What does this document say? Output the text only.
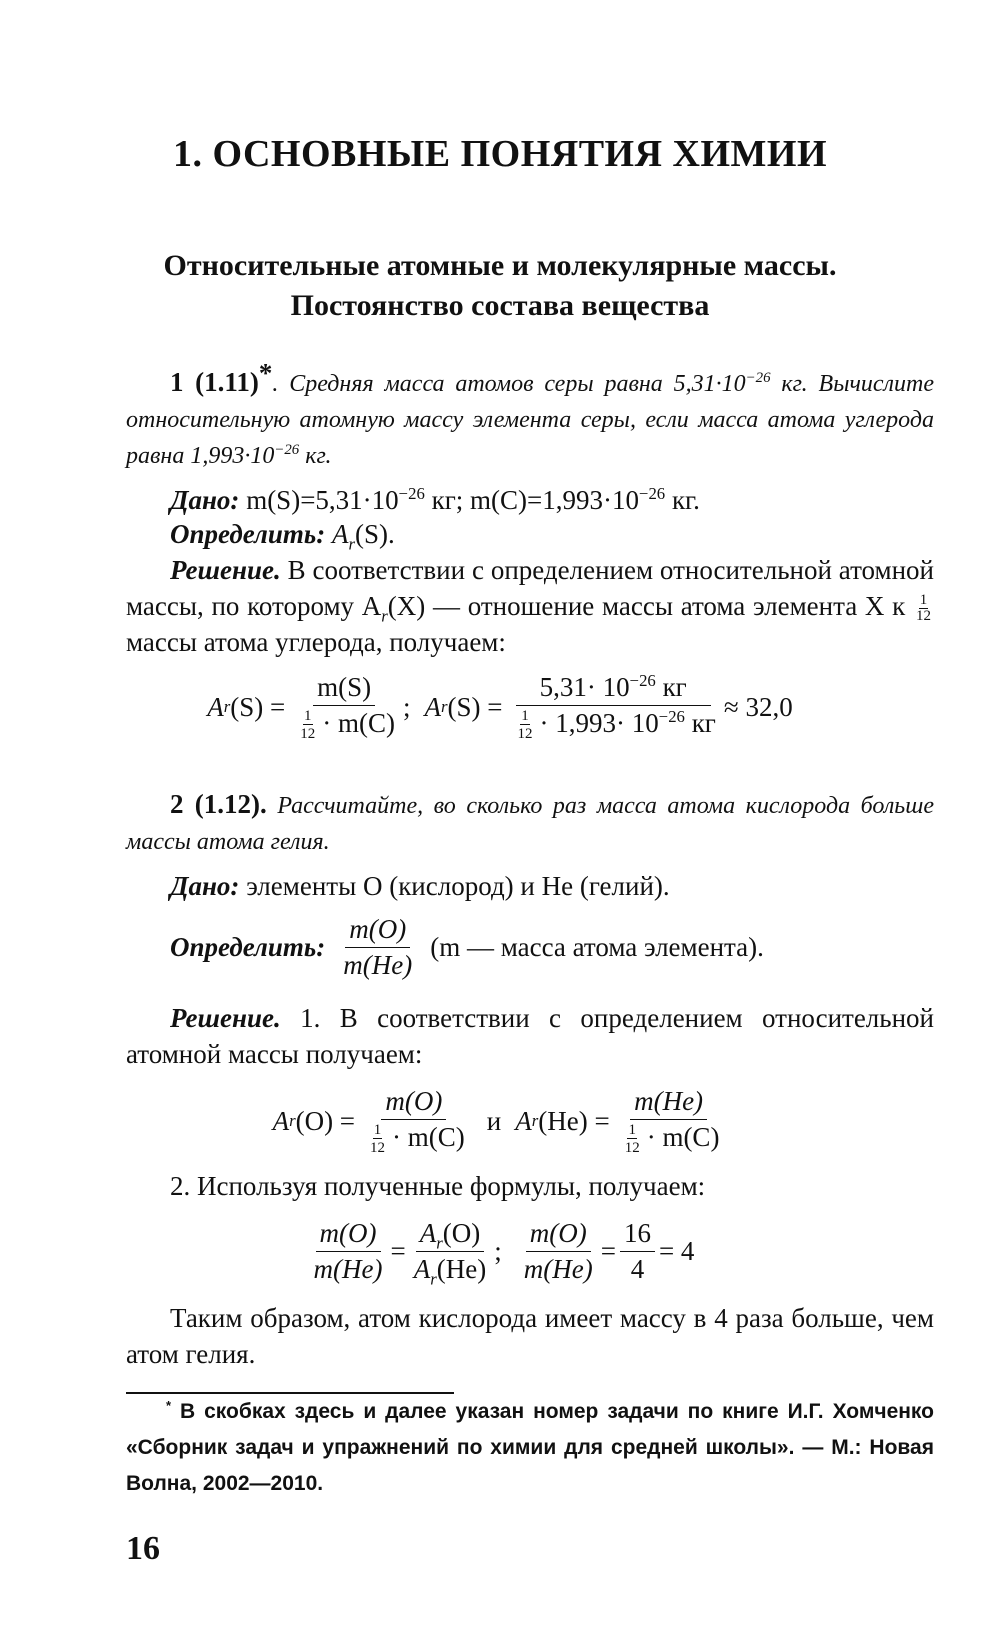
1. ОСНОВНЫЕ ПОНЯТИЯ ХИМИИ
Относительные атомные и молекулярные массы.
Постоянство состава вещества

1 (1.11)*. Средняя масса атомов серы равна $5,31\cdot 10^{-26}$ кг. Вычислите относительную атомную массу элемента серы, если масса атома углерода равна $1,993\cdot 10^{-26}$ кг.

Дано: $m(S)=5,31\cdot 10^{-26}$ кг; $m(C)=1,993\cdot 10^{-26}$ кг.

Определить: $A_r(S)$.

Решение. В соответствии с определением относительной атомной массы, по которому $A_r(X)$ — отношение массы атома элемента X к $\frac{1}{12}$
массы атома углерода, получаем:

A r $(S) = \frac{m(S)}{\frac{1}{12} \cdot m(C)}$ ; A r $(S) = \frac{5,31\cdot 10^{-26} кг}{\frac{1}{12} \cdot 1,993\cdot 10^{-26} кг} \approx 32,0$

2 (1.12). Рассчитайте, во сколько раз масса атома кислорода больше массы атома гелия.

Дано: элементы O (кислород) и He (гелий).

Определить: $\frac{m(O)}{m(He)} (m$ — масса атома элемента).

Решение. 1. В соответствии с определением относительной атомной массы получаем:

A r $(O) = \frac{m(O)}{\frac{1}{12} \cdot m(C)}$ и A r $(He) = \frac{m(He)}{\frac{1}{12} \cdot m(C)}$

2. Используя полученные формулы, получаем:

$\frac{m(O)}{m(He)} = \frac{A_r(O)}{A_r(He)}$ ; $\frac{m(O)}{m(He)} = \frac{16}{4} = 4$

Таким образом, атом кислорода имеет массу в 4 раза больше, чем атом гелия.

* В скобках здесь и далее указан номер задачи по книге И.Г. Хомченко «Сборник задач и упражнений по химии для средней школы». — М.: Новая Волна, 2002—2010.

16
